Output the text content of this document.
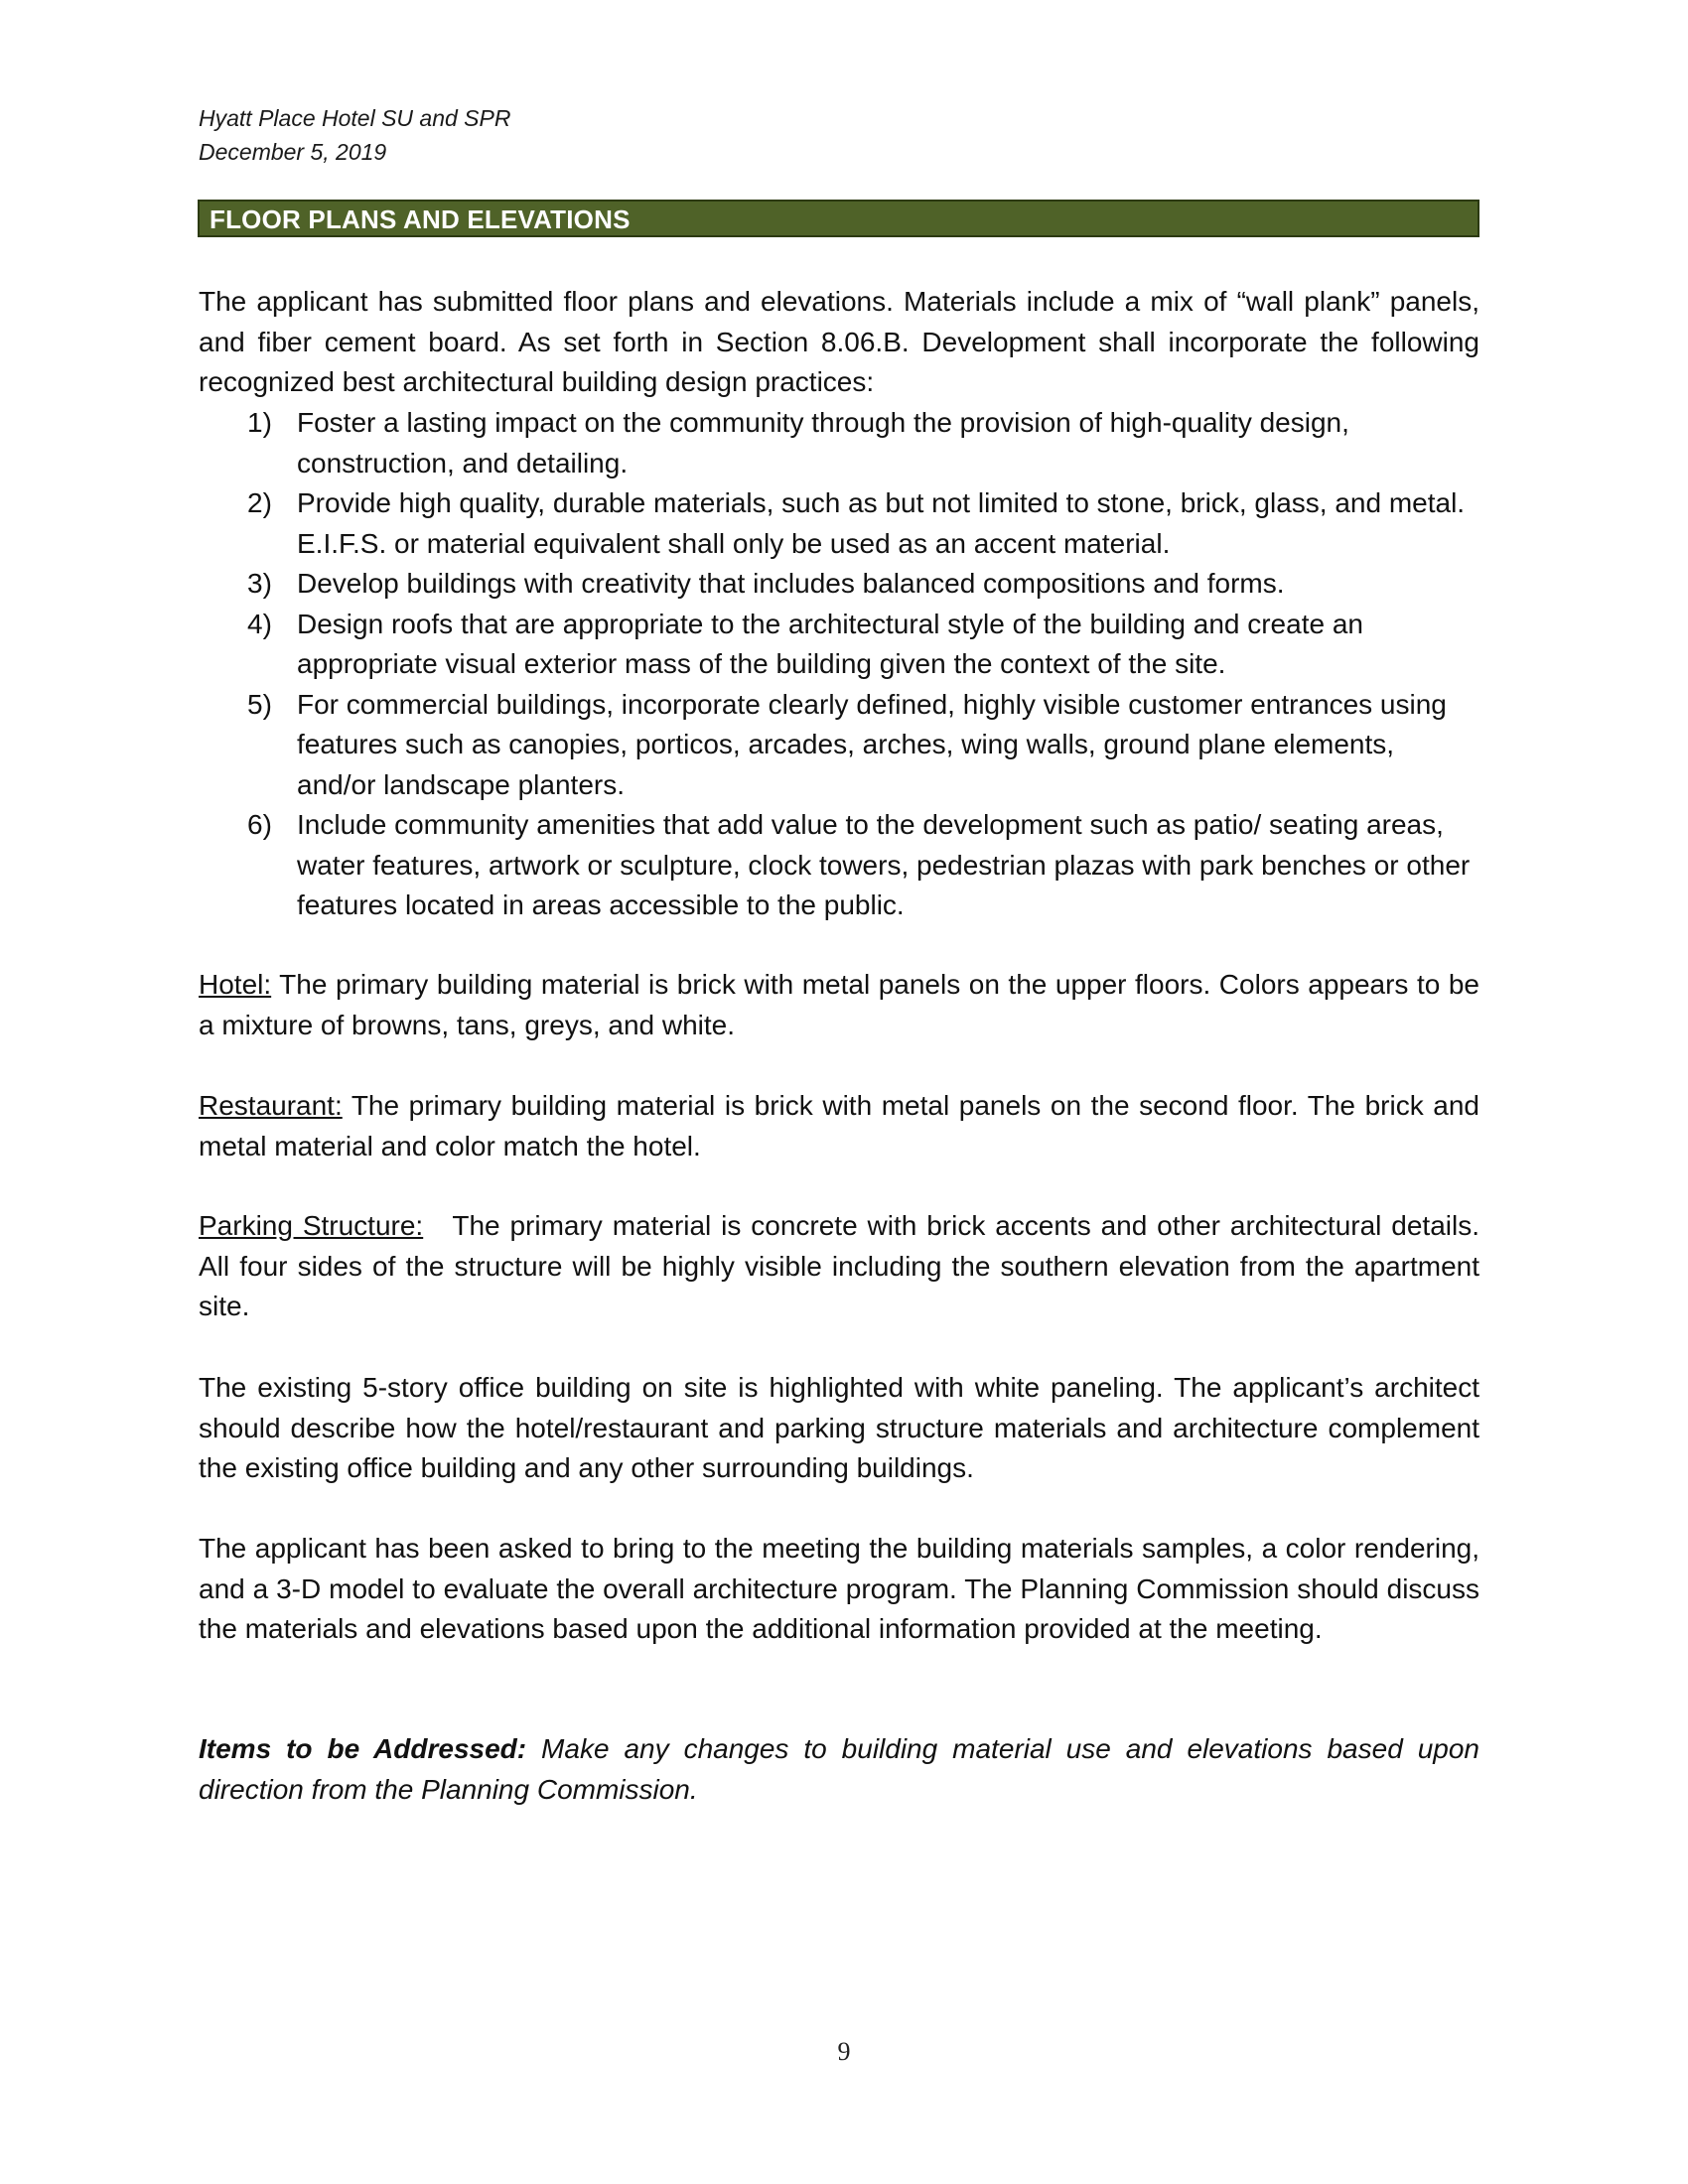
Hyatt Place Hotel SU and SPR
December 5, 2019
FLOOR PLANS AND ELEVATIONS
The applicant has submitted floor plans and elevations. Materials include a mix of “wall plank” panels, and fiber cement board. As set forth in Section 8.06.B. Development shall incorporate the following recognized best architectural building design practices:
1) Foster a lasting impact on the community through the provision of high-quality design, construction, and detailing.
2) Provide high quality, durable materials, such as but not limited to stone, brick, glass, and metal. E.I.F.S. or material equivalent shall only be used as an accent material.
3) Develop buildings with creativity that includes balanced compositions and forms.
4) Design roofs that are appropriate to the architectural style of the building and create an appropriate visual exterior mass of the building given the context of the site.
5) For commercial buildings, incorporate clearly defined, highly visible customer entrances using features such as canopies, porticos, arcades, arches, wing walls, ground plane elements, and/or landscape planters.
6) Include community amenities that add value to the development such as patio/ seating areas, water features, artwork or sculpture, clock towers, pedestrian plazas with park benches or other features located in areas accessible to the public.
Hotel: The primary building material is brick with metal panels on the upper floors. Colors appears to be a mixture of browns, tans, greys, and white.
Restaurant: The primary building material is brick with metal panels on the second floor. The brick and metal material and color match the hotel.
Parking Structure:   The primary material is concrete with brick accents and other architectural details.  All four sides of the structure will be highly visible including the southern elevation from the apartment site.
The existing 5-story office building on site is highlighted with white paneling. The applicant’s architect should describe how the hotel/restaurant and parking structure materials and architecture complement the existing office building and any other surrounding buildings.
The applicant has been asked to bring to the meeting the building materials samples, a color rendering, and a 3-D model to evaluate the overall architecture program. The Planning Commission should discuss the materials and elevations based upon the additional information provided at the meeting.
Items to be Addressed: Make any changes to building material use and elevations based upon direction from the Planning Commission.
9
